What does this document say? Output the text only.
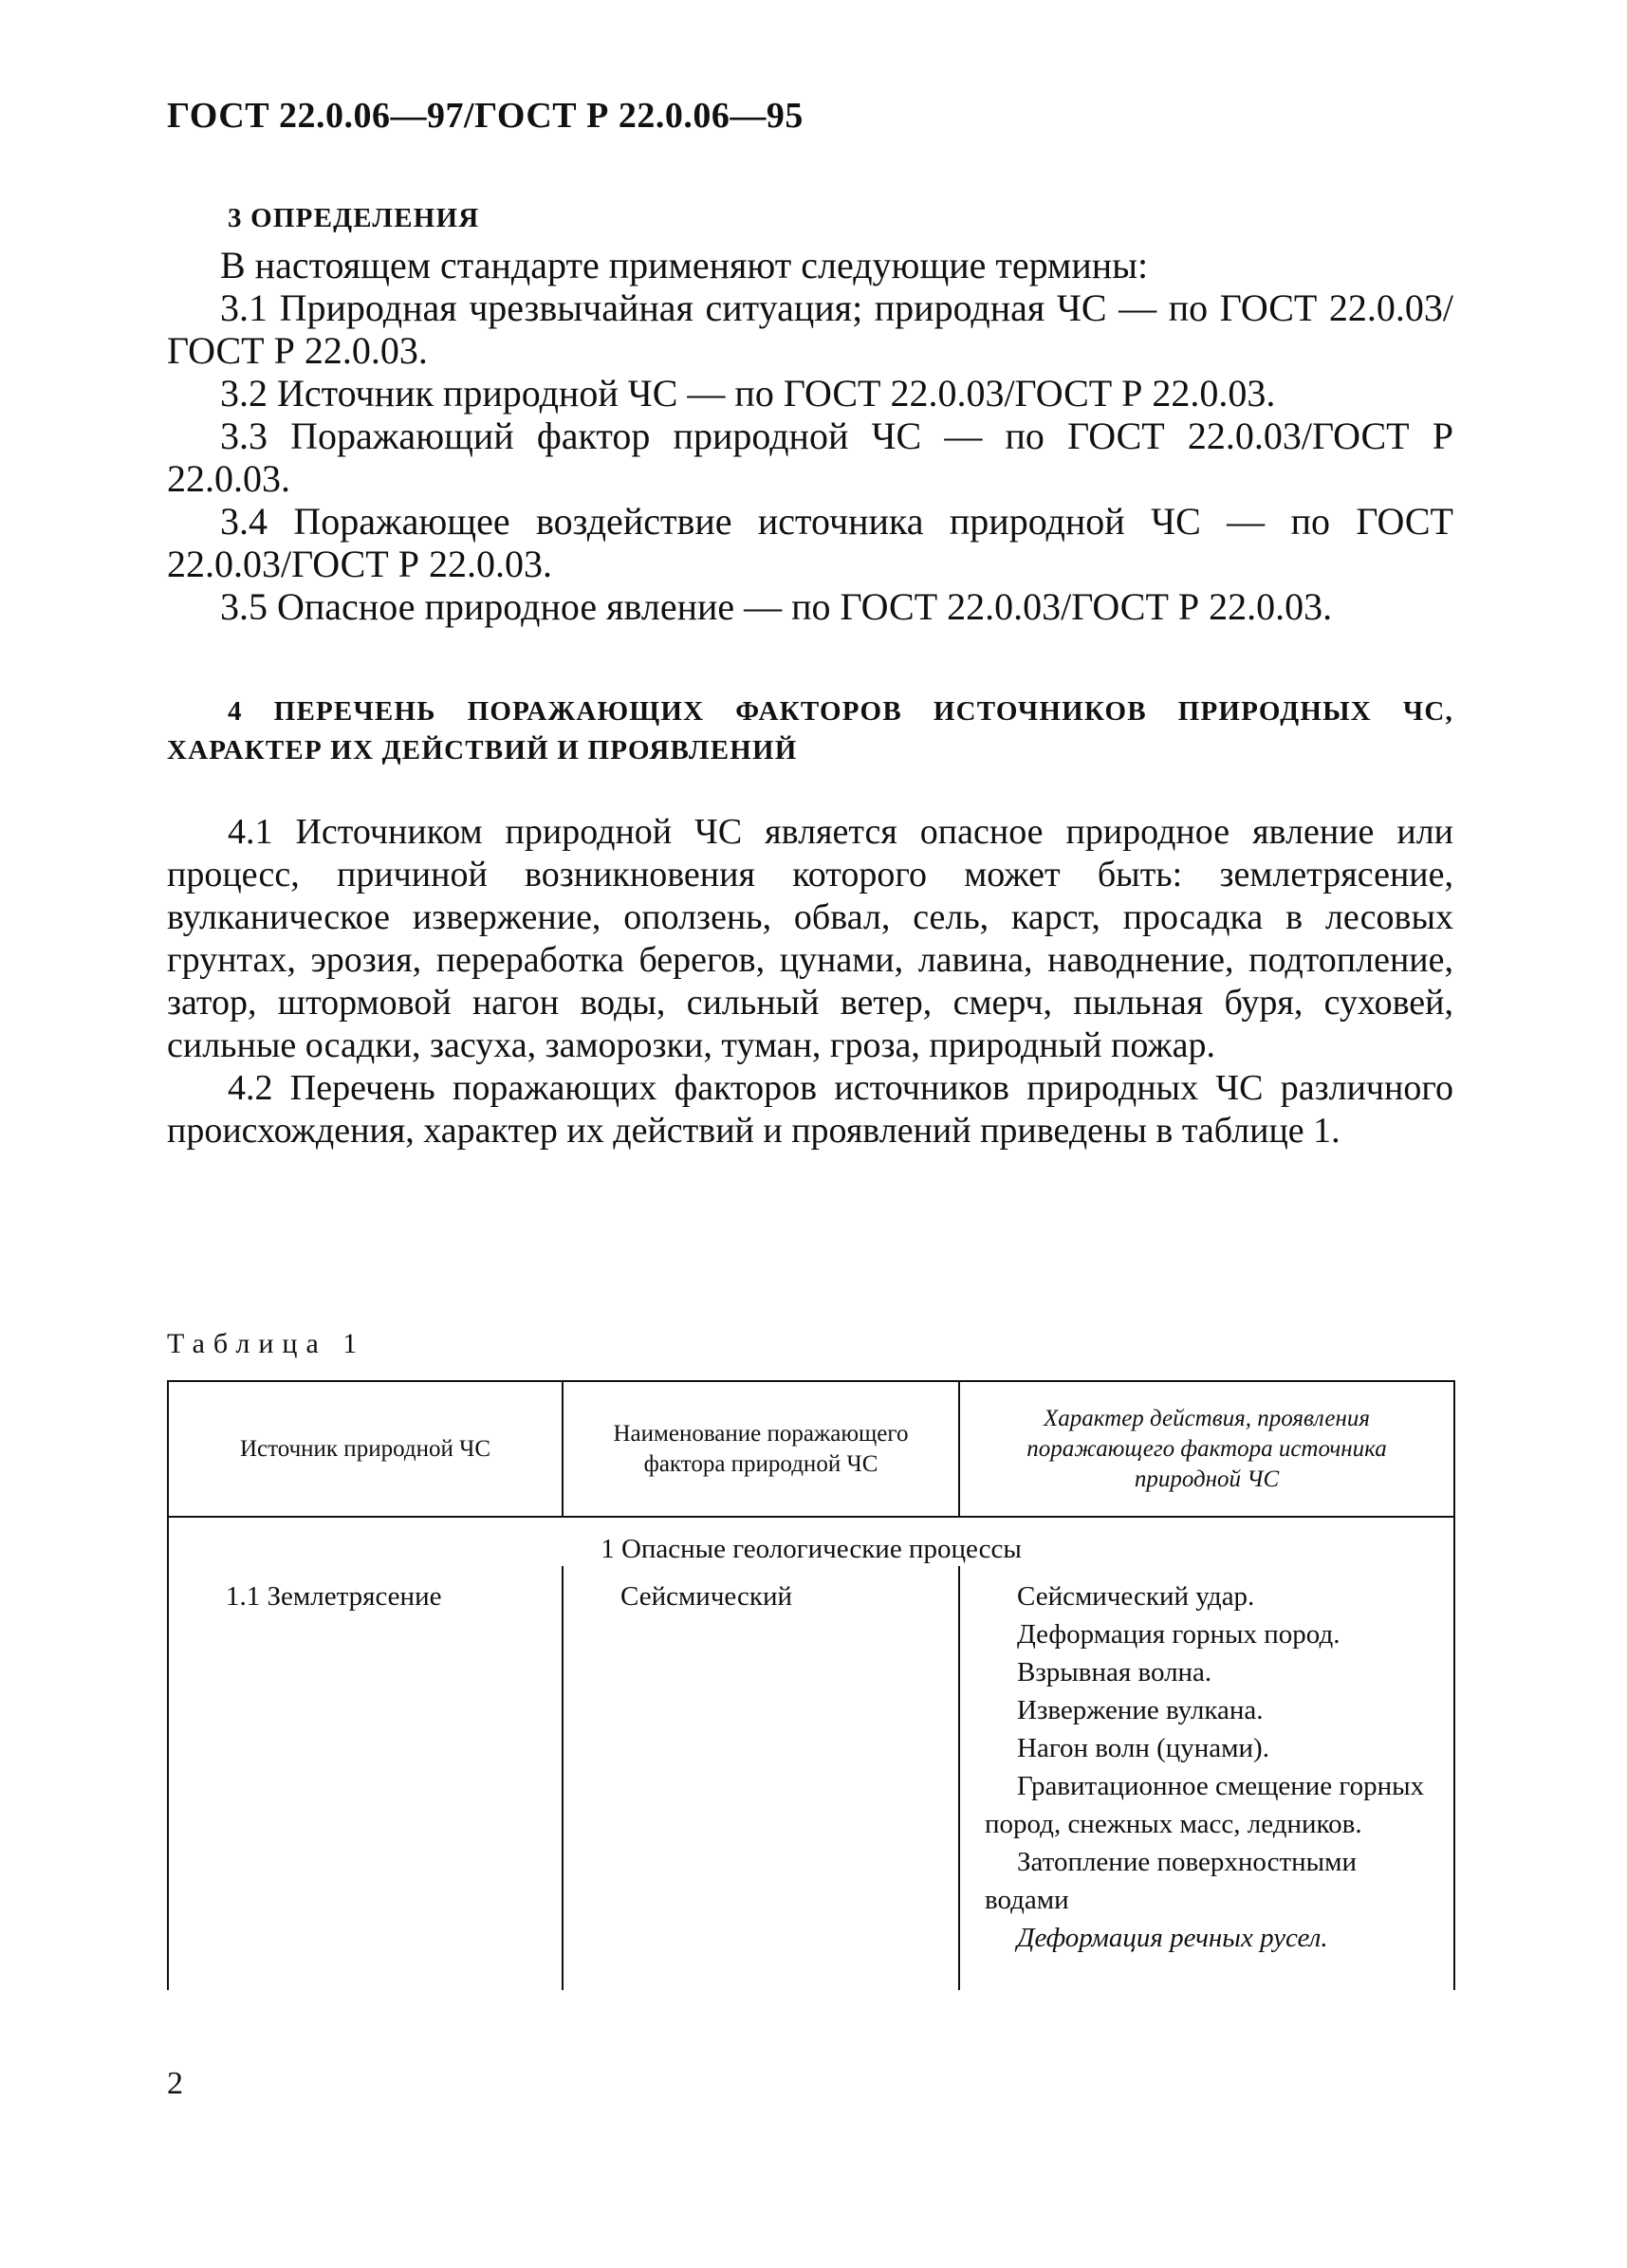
ГОСТ 22.0.06—97/ГОСТ Р 22.0.06—95
3 ОПРЕДЕЛЕНИЯ

В настоящем стандарте применяют следующие термины:

3.1 Природная чрезвычайная ситуация; природная ЧС — по ГОСТ 22.0.03/ГОСТ Р 22.0.03.

3.2 Источник природной ЧС — по ГОСТ 22.0.03/ГОСТ Р 22.0.03.

3.3 Поражающий фактор природной ЧС — по ГОСТ 22.0.03/ГОСТ Р 22.0.03.

3.4 Поражающее воздействие источника природной ЧС — по ГОСТ 22.0.03/ГОСТ Р 22.0.03.

3.5 Опасное природное явление — по ГОСТ 22.0.03/ГОСТ Р 22.0.03.

4 ПЕРЕЧЕНЬ ПОРАЖАЮЩИХ ФАКТОРОВ ИСТОЧНИКОВ ПРИРОДНЫХ ЧС, ХАРАКТЕР ИХ ДЕЙСТВИЙ И ПРОЯВЛЕНИЙ

4.1 Источником природной ЧС является опасное природное явление или процесс, причиной возникновения которого может быть: землетрясение, вулканическое извержение, оползень, обвал, сель, карст, просадка в лесовых грунтах, эрозия, переработка берегов, цунами, лавина, наводнение, подтопление, затор, штормовой нагон воды, сильный ветер, смерч, пыльная буря, суховей, сильные осадки, засуха, заморозки, туман, гроза, природный пожар.

4.2 Перечень поражающих факторов источников природных ЧС различного происхождения, характер их действий и проявлений приведены в таблице 1.

Таблица 1
Источник природной ЧС
Наименование поражающего фактора природной ЧС
Характер действия, проявления поражающего фактора источника природной ЧС
1 Опасные геологические процессы
1.1 Землетрясение	Сейсмический	Сейсмический удар.
Деформация горных пород.
Взрывная волна.
Извержение вулкана.
Нагон волн (цунами).
Гравитационное смещение горных пород, снежных масс, ледников.
Затопление поверхностными водами
Деформация речных русел.
2
